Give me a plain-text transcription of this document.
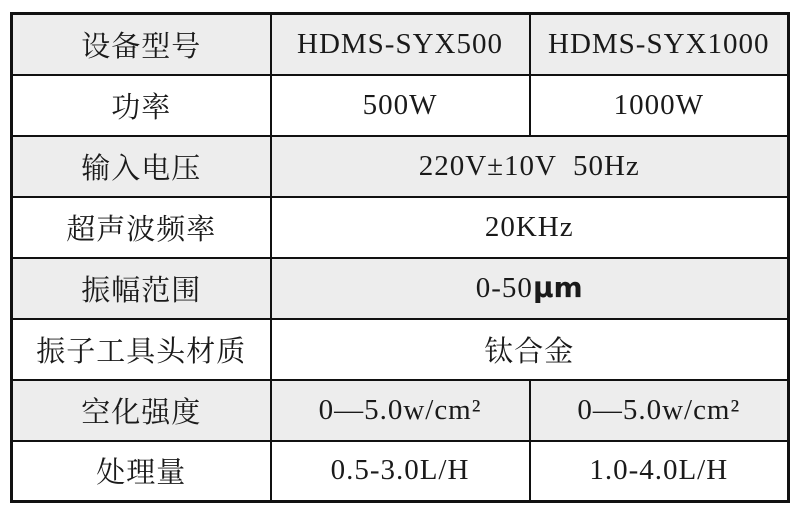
设备型号	HDMS-SYX500	HDMS-SYX1000
功率	500W	1000W
输入电压	220V±10V  50Hz	
超声波频率	20KHz	
振幅范围	0-50μm	
振子工具头材质	钛合金	
空化强度	0—5.0w/cm²	0—5.0w/cm²
处理量	0.5-3.0L/H	1.0-4.0L/H
